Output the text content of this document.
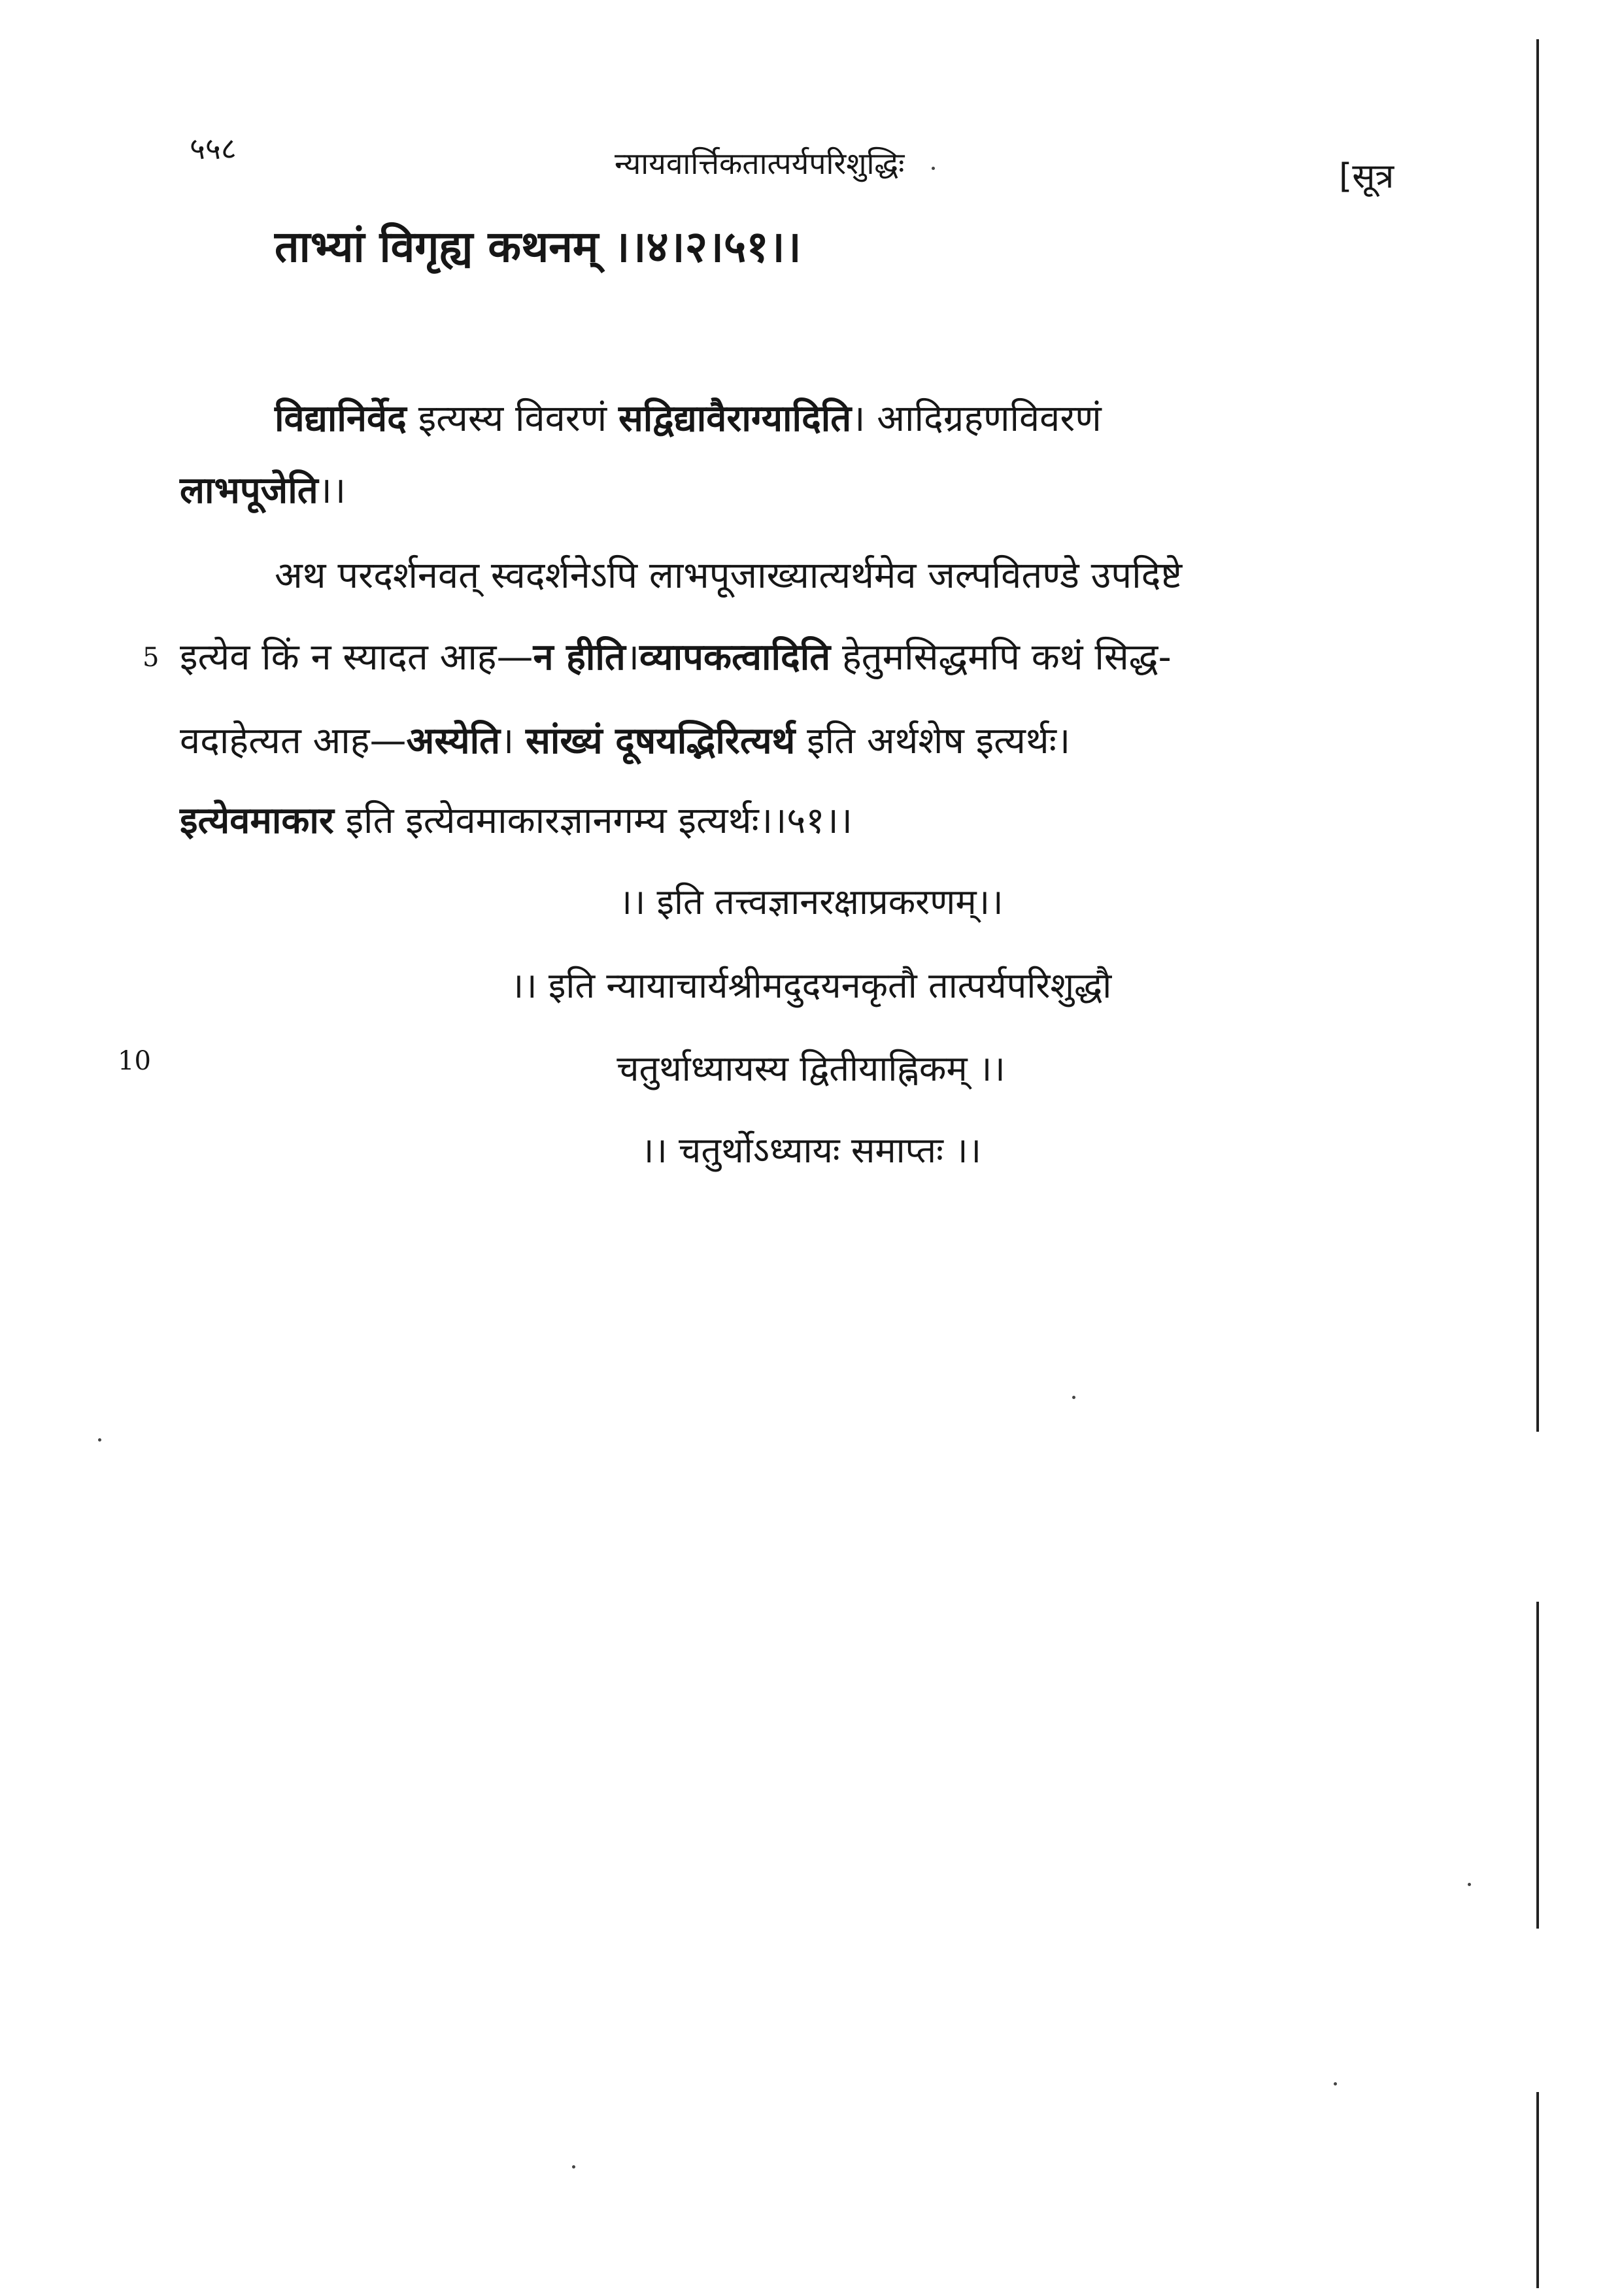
५५८	न्यायवार्त्तिकतात्पर्यपरिशुद्धिः	[सूत्र
ताभ्यां विगृह्य कथनम् ।।४।२।५१।।
विद्यानिर्वेद इत्यस्य विवरणं सद्विद्यावैराग्यादिति। आदिग्रहणविवरणं
लाभपूजेति।।
अथ परदर्शनवत् स्वदर्शनेऽपि लाभपूजाख्यात्यर्थमेव जल्पवितण्डे उपदिष्टे
5 इत्येव किं न स्यादत आह—न हीति।व्यापकत्वादिति हेतुमसिद्धमपि कथं सिद्ध-
वदाहेत्यत आह—अस्येति। सांख्यं दूषयद्भिरित्यर्थ इति अर्थशेष इत्यर्थः।
इत्येवमाकार इति इत्येवमाकारज्ञानगम्य इत्यर्थः।।५१।।
।। इति तत्त्वज्ञानरक्षाप्रकरणम्।।
।। इति न्यायाचार्यश्रीमदुदयनकृतौ तात्पर्यपरिशुद्धौ
10	चतुर्थाध्यायस्य द्वितीयाह्निकम् ।।
।। चतुर्थोऽध्यायः समाप्तः ।।
